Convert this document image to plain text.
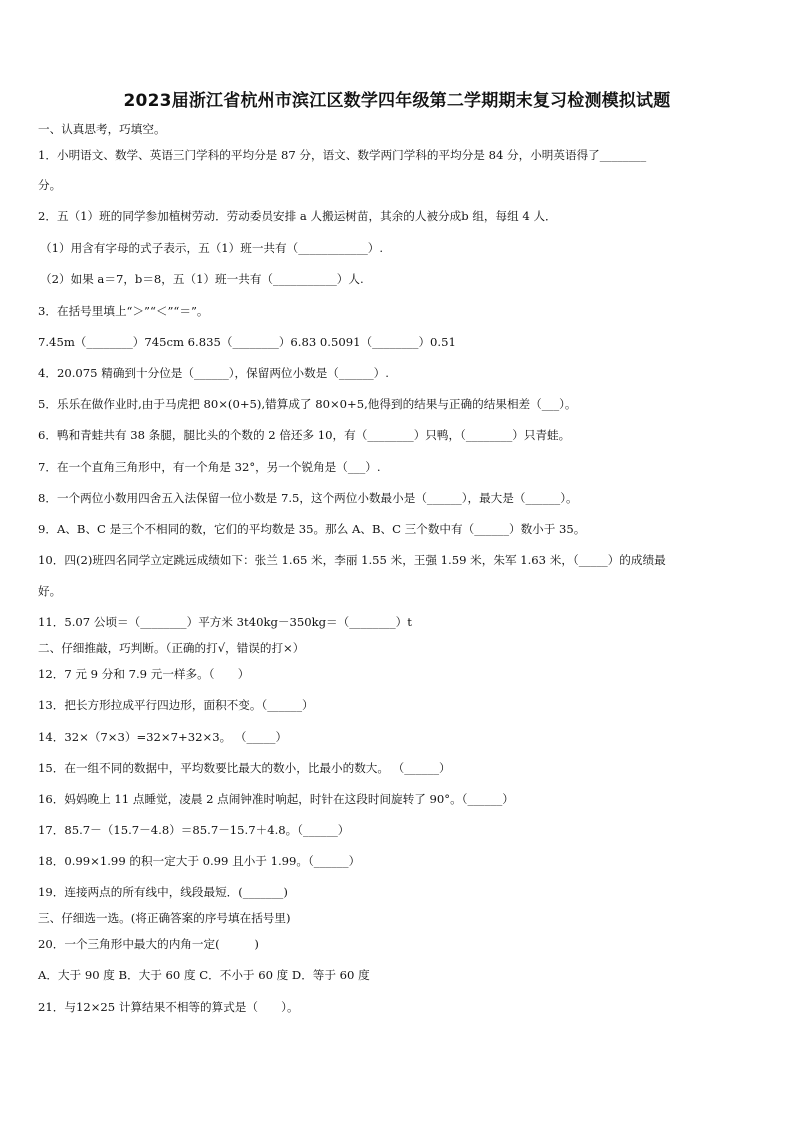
2023届浙江省杭州市滨江区数学四年级第二学期期末复习检测模拟试题
一、认真思考，巧填空。
1．小明语文、数学、英语三门学科的平均分是 87 分，语文、数学两门学科的平均分是 84 分，小明英语得了________
分。
2．五（1）班的同学参加植树劳动．劳动委员安排 a 人搬运树苗，其余的人被分成b 组，每组 4 人．
（1）用含有字母的式子表示，五（1）班一共有（____________）.
（2）如果 a＝7，b＝8，五（1）班一共有（___________）人.
3．在括号里填上“＞”“＜”“＝”。
7.45m（________）745cm 6.835（________）6.83 0.5091（________）0.51
4．20.075 精确到十分位是（______），保留两位小数是（______）.
5．乐乐在做作业时,由于马虎把 80×(0+5),错算成了 80×0+5,他得到的结果与正确的结果相差（___）。
6．鸭和青蛙共有 38 条腿，腿比头的个数的 2 倍还多 10，有（________）只鸭，（________）只青蛙。
7．在一个直角三角形中，有一个角是 32°，另一个锐角是（___）.
8．一个两位小数用四舍五入法保留一位小数是 7.5，这个两位小数最小是（______），最大是（______）。
9．A、B、C 是三个不相同的数，它们的平均数是 35。那么 A、B、C 三个数中有（______）数小于 35。
10．四(2)班四名同学立定跳远成绩如下：张兰 1.65 米，李丽 1.55 米，王强 1.59 米，朱军 1.63 米，（_____）的成绩最
好。
11．5.07 公顷＝（________）平方米 3t40kg－350kg＝（________）t
二、仔细推敲，巧判断。（正确的打√，错误的打×）
12．7 元 9 分和 7.9 元一样多。（　　）
13．把长方形拉成平行四边形，面积不变。（______）
14．32×（7×3）=32×7+32×3。 （_____）
15．在一组不同的数据中，平均数要比最大的数小，比最小的数大。 （______）
16．妈妈晚上 11 点睡觉，凌晨 2 点闹钟准时响起，时针在这段时间旋转了 90°。（______）
17．85.7－（15.7－4.8）＝85.7－15.7＋4.8。（______）
18．0.99×1.99 的积一定大于 0.99 且小于 1.99。（______）
19．连接两点的所有线中，线段最短．(_______)
三、仔细选一选。(将正确答案的序号填在括号里)
20．一个三角形中最大的内角一定(　　　)
A．大于 90 度 B．大于 60 度 C．不小于 60 度 D．等于 60 度
21．与12×25 计算结果不相等的算式是（　　）。
